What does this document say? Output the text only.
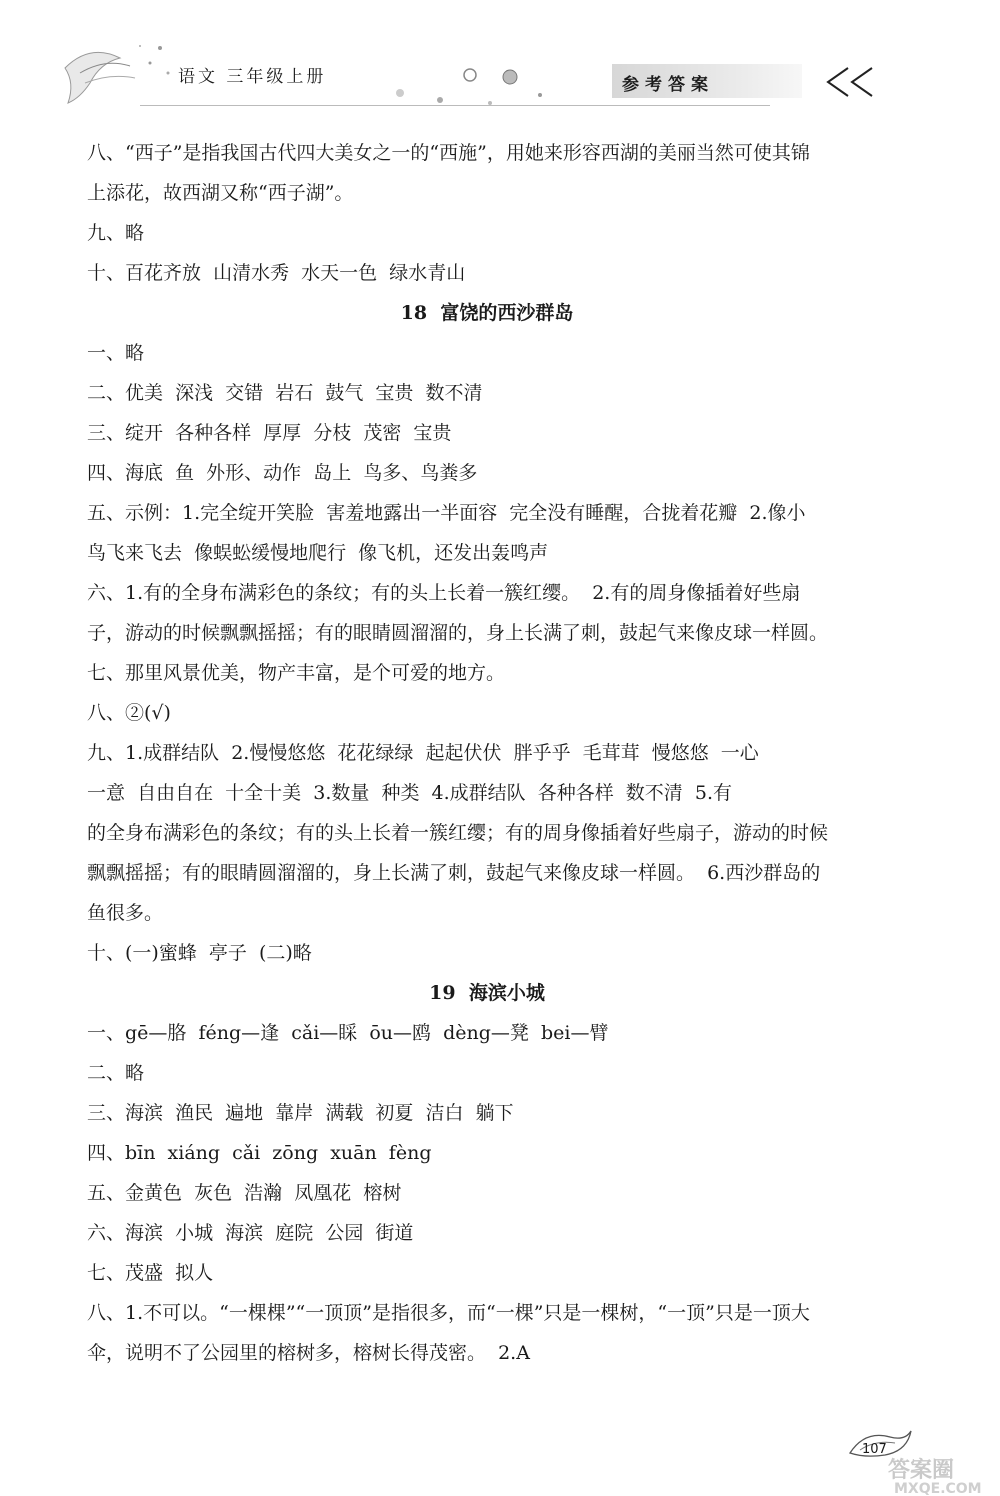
语文 三年级上册	参考答案
八、“西子”是指我国古代四大美女之一的“西施”，用她来形容西湖的美丽当然可使其锦
上添花，故西湖又称“西子湖”。
九、略
十、百花齐放  山清水秀  水天一色  绿水青山
18  富饶的西沙群岛
一、略
二、优美  深浅  交错  岩石  鼓气  宝贵  数不清
三、绽开  各种各样  厚厚  分枝  茂密  宝贵
四、海底  鱼  外形、动作  岛上  鸟多、鸟粪多
五、示例：1.完全绽开笑脸  害羞地露出一半面容  完全没有睡醒，合拢着花瓣  2.像小
鸟飞来飞去  像蜈蚣缓慢地爬行  像飞机，还发出轰鸣声
六、1.有的全身布满彩色的条纹；有的头上长着一簇红缨。  2.有的周身像插着好些扇
子，游动的时候飘飘摇摇；有的眼睛圆溜溜的，身上长满了刺，鼓起气来像皮球一样圆。
七、那里风景优美，物产丰富，是个可爱的地方。
八、②(√)
九、1.成群结队  2.慢慢悠悠  花花绿绿  起起伏伏  胖乎乎  毛茸茸  慢悠悠  一心
一意  自由自在  十全十美  3.数量  种类  4.成群结队  各种各样  数不清  5.有
的全身布满彩色的条纹；有的头上长着一簇红缨；有的周身像插着好些扇子，游动的时候
飘飘摇摇；有的眼睛圆溜溜的，身上长满了刺，鼓起气来像皮球一样圆。  6.西沙群岛的
鱼很多。
十、(一)蜜蜂  亭子  (二)略
19  海滨小城
一、gē—胳  féng—逢  cǎi—睬  ōu—鸥  dèng—凳  bei—臂
二、略
三、海滨  渔民  遍地  靠岸  满载  初夏  洁白  躺下
四、bīn  xiáng  cǎi  zōng  xuān  fèng
五、金黄色  灰色  浩瀚  凤凰花  榕树
六、海滨  小城  海滨  庭院  公园  街道
七、茂盛  拟人
八、1.不可以。“一棵棵”“一顶顶”是指很多，而“一棵”只是一棵树，“一顶”只是一顶大
伞，说明不了公园里的榕树多，榕树长得茂密。  2.A
107
答案圈
MXQE.COM
